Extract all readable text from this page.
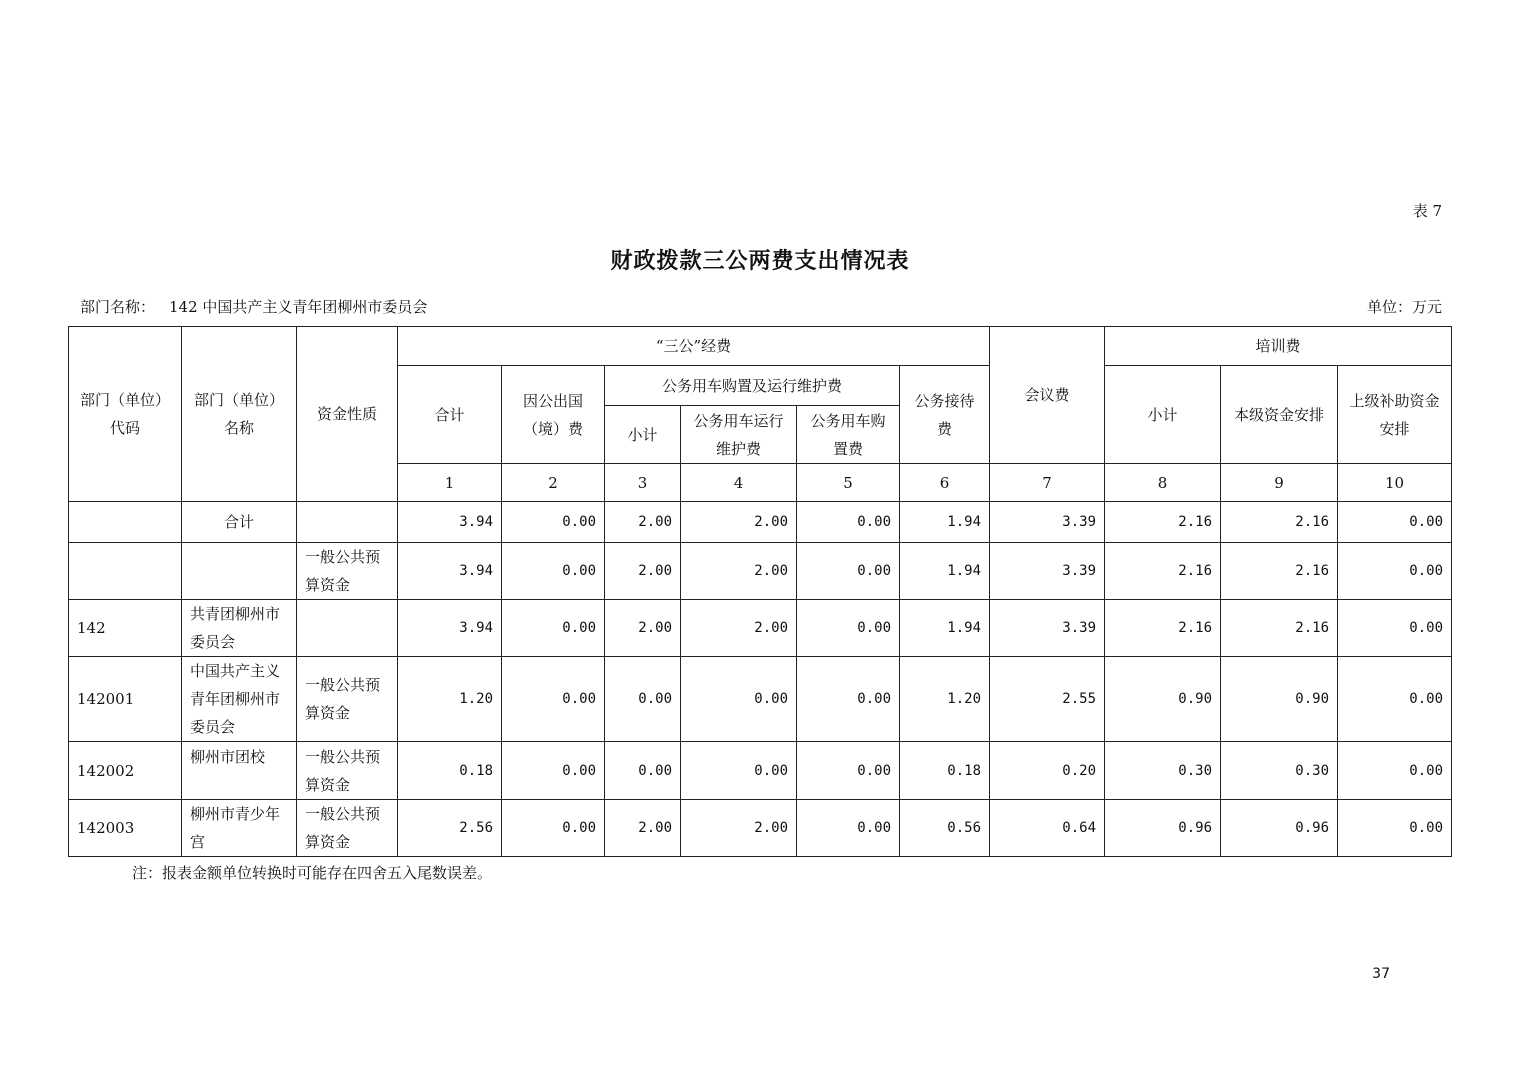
表 7
财政拨款三公两费支出情况表
部门名称： 142 中国共产主义青年团柳州市委员会	单位：万元
部门（单位）代码	部门（单位）名称	资金性质	“三公”经费						会议费	培训费		
			合计	因公出国（境）费	公务用车购置及运行维护费			公务接待费		小计	本级资金安排	上级补助资金安排

					小计	公务用车运行维护费	公务用车购置费					

			1	2	3	4	5	6	7	8	9	10
	合计		3.94	0.00	2.00	2.00	0.00	1.94	3.39	2.16	2.16	0.00

		一般公共预算资金	3.94	0.00	2.00	2.00	0.00	1.94	3.39	2.16	2.16	0.00
142	共青团柳州市委员会		3.94	0.00	2.00	2.00	0.00	1.94	3.39	2.16	2.16	0.00
142001	中国共产主义青年团柳州市委员会	一般公共预算资金	1.20	0.00	0.00	0.00	0.00	1.20	2.55	0.90	0.90	0.00
142002	柳州市团校	一般公共预算资金	0.18	0.00	0.00	0.00	0.00	0.18	0.20	0.30	0.30	0.00
142003	柳州市青少年宫	一般公共预算资金	2.56	0.00	2.00	2.00	0.00	0.56	0.64	0.96	0.96	0.00
注：报表金额单位转换时可能存在四舍五入尾数误差。
37
